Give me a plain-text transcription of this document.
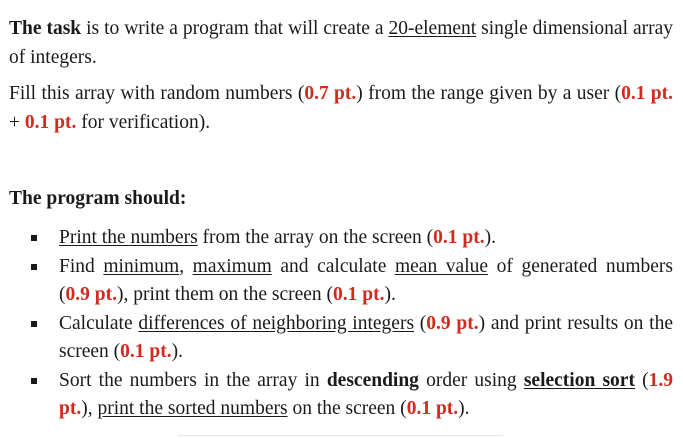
The task is to write a program that will create a 20-element single dimensional array of integers.

Fill this array with random numbers (0.7 pt.) from the range given by a user (0.1 pt. + 0.1 pt. for verification).

The program should:

Print the numbers from the array on the screen (0.1 pt.).
Find minimum, maximum and calculate mean value of generated numbers (0.9 pt.), print them on the screen (0.1 pt.).
Calculate differences of neighboring integers (0.9 pt.) and print results on the screen (0.1 pt.).
Sort the numbers in the array in descending order using selection sort (1.9 pt.), print the sorted numbers on the screen (0.1 pt.).
